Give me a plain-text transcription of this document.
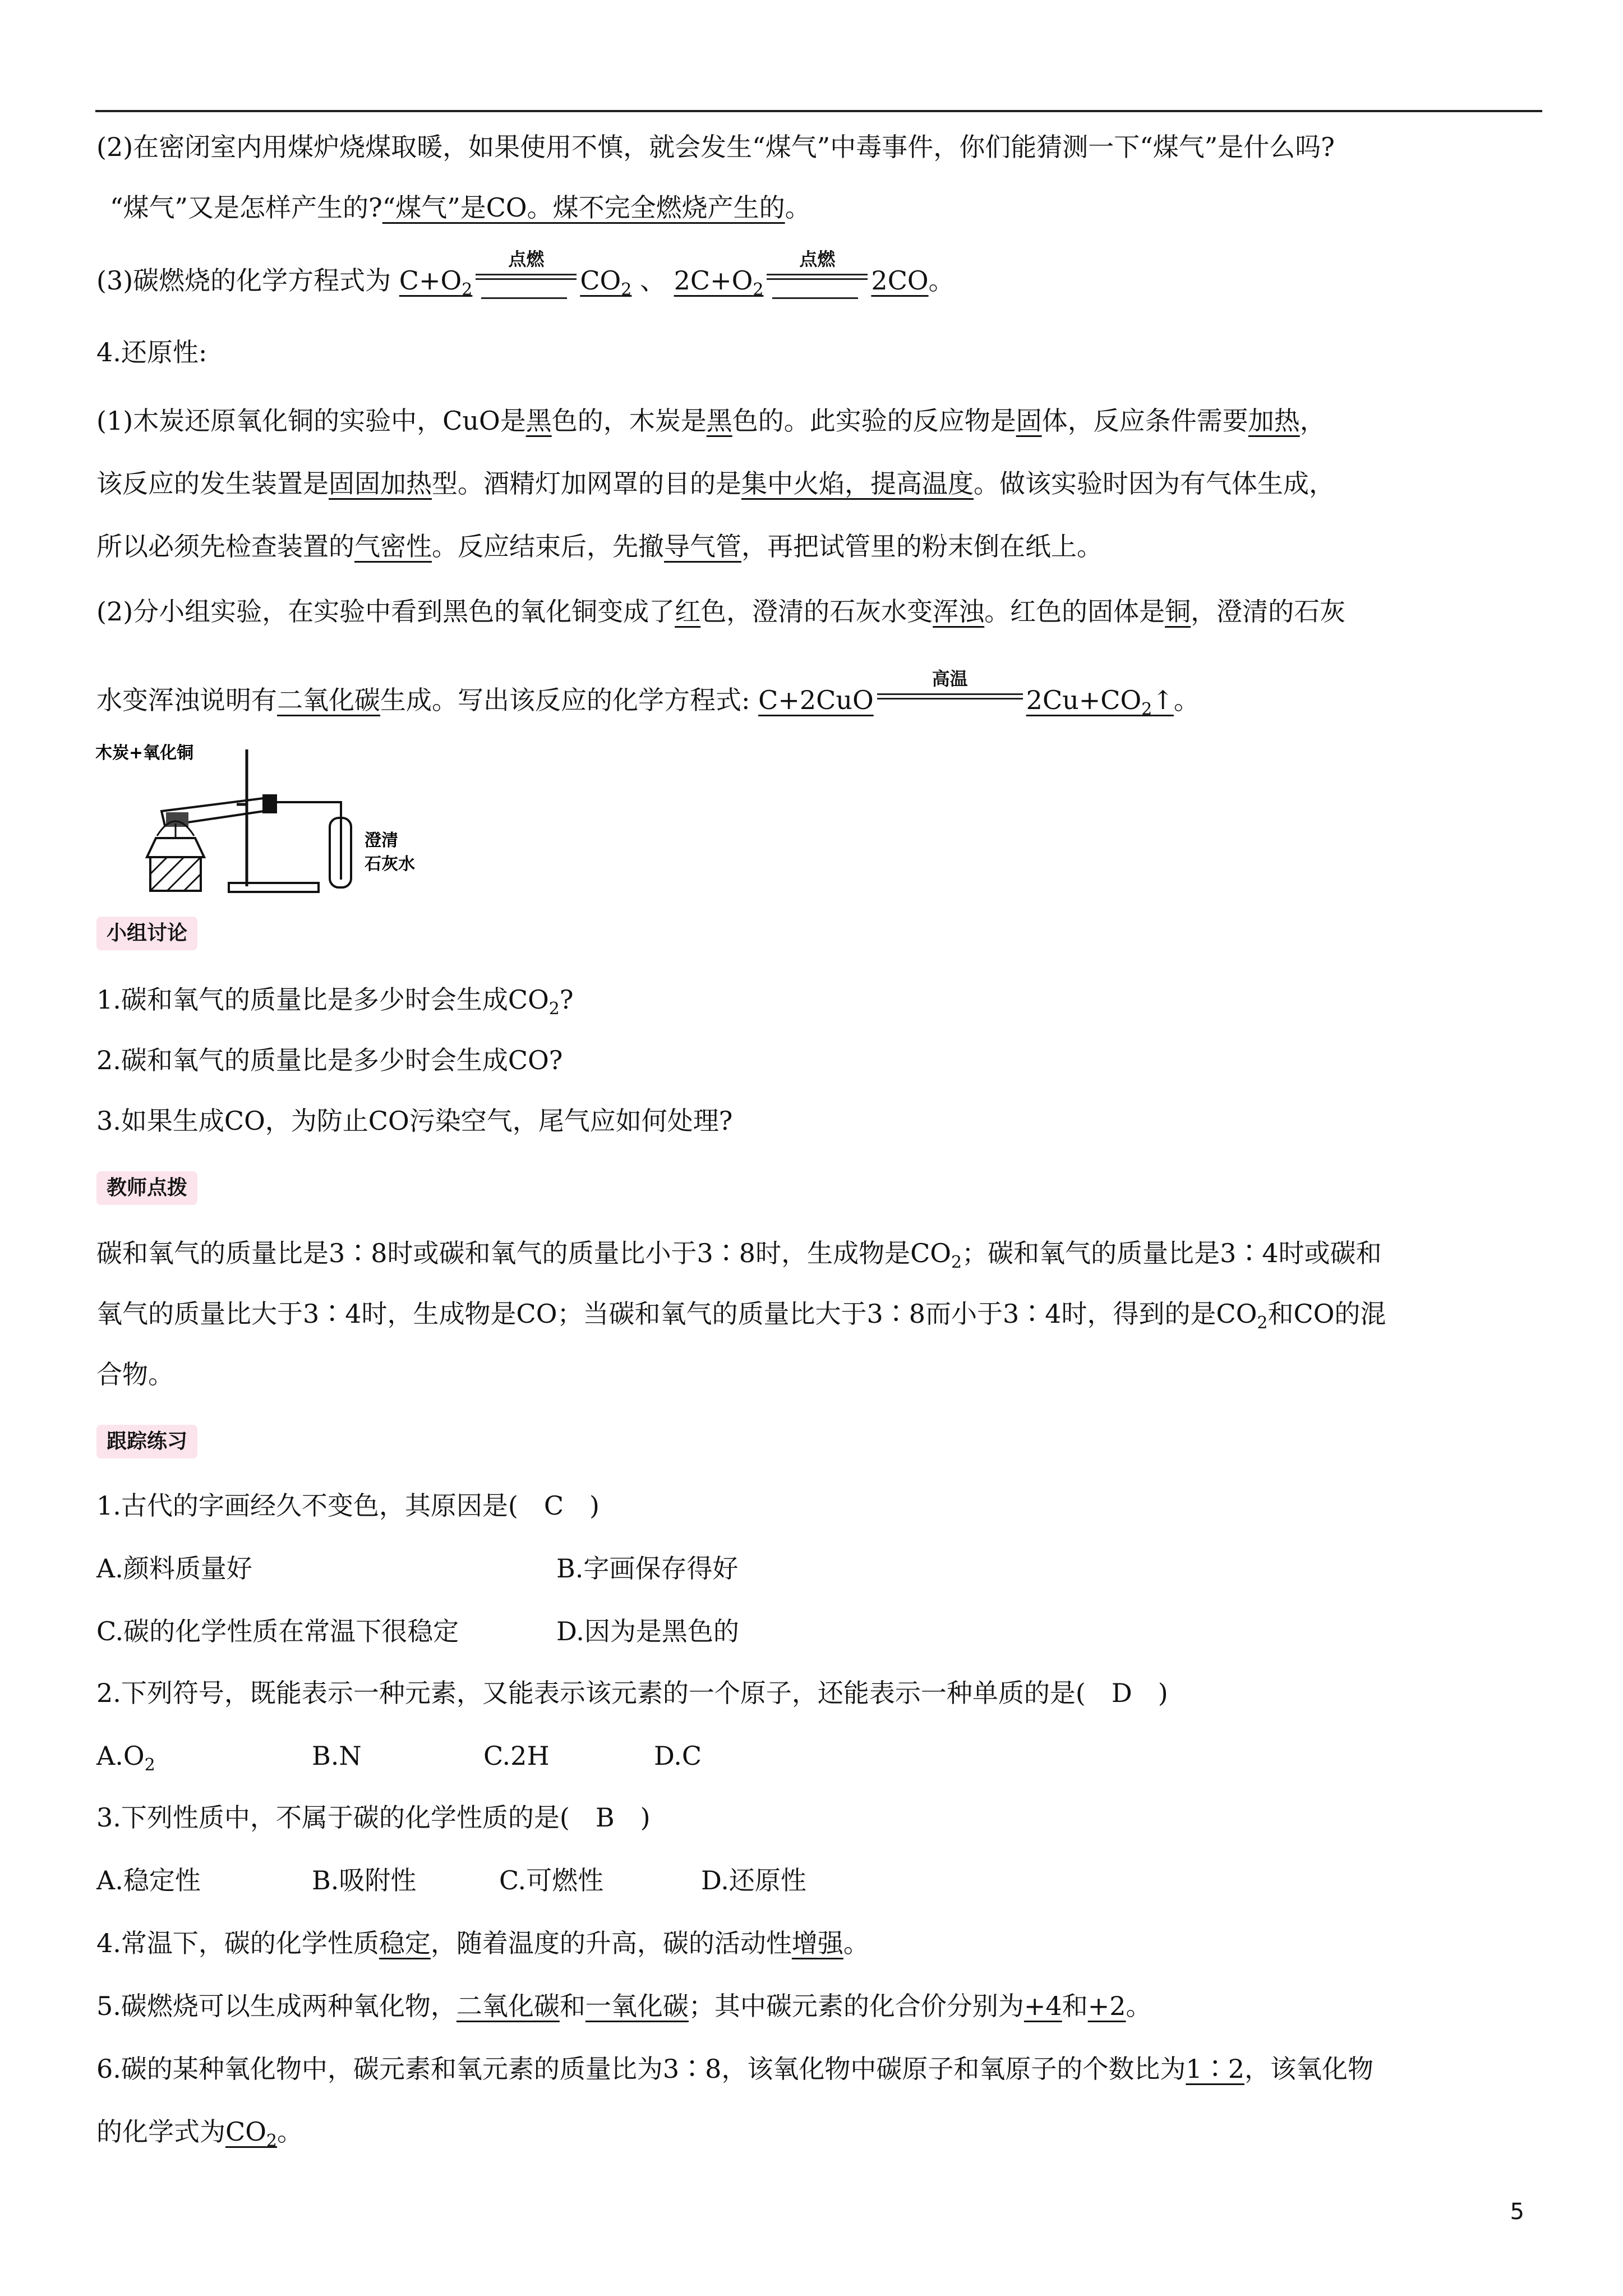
(2)在密闭室内用煤炉烧煤取暖，如果使用不慎，就会发生“煤气”中毒事件，你们能猜测一下“煤气”是什么吗?
“煤气”又是怎样产生的?“煤气”是CO。煤不完全燃烧产生的。
(3)碳燃烧的化学方程式为 $C+O_2$
点燃
$CO_2$ 、 $2C+O_2$
点燃
2CO。
4.还原性:
(1)木炭还原氧化铜的实验中，CuO是黑色的，木炭是黑色的。此实验的反应物是固体，反应条件需要加热，
该反应的发生装置是固固加热型。酒精灯加网罩的目的是集中火焰，提高温度。做该实验时因为有气体生成，
所以必须先检查装置的气密性。反应结束后，先撤导气管，再把试管里的粉末倒在纸上。
(2)分小组实验，在实验中看到黑色的氧化铜变成了红色，澄清的石灰水变浑浊。红色的固体是铜，澄清的石灰
水变浑浊说明有二氧化碳生成。写出该反应的化学方程式: C+2CuO
高温
$2Cu+CO_2↑$。
木炭+氧化铜
澄清
石灰水
小组讨论
1.碳和氧气的质量比是多少时会生成$CO_2$?
2.碳和氧气的质量比是多少时会生成CO?
3.如果生成CO，为防止CO污染空气，尾气应如何处理?
教师点拨
碳和氧气的质量比是3∶8时或碳和氧气的质量比小于3∶8时，生成物是$CO_2$；碳和氧气的质量比是3∶4时或碳和
氧气的质量比大于3∶4时，生成物是CO；当碳和氧气的质量比大于3∶8而小于3∶4时，得到的是$CO_2$和CO的混
合物。
跟踪练习
1.古代的字画经久不变色，其原因是(　C　)
A.颜料质量好	B.字画保存得好
C.碳的化学性质在常温下很稳定	D.因为是黑色的
2.下列符号，既能表示一种元素，又能表示该元素的一个原子，还能表示一种单质的是(　D　)
$A.O_2$	B.N	C.2H	D.C
3.下列性质中，不属于碳的化学性质的是(　B　)
A.稳定性	B.吸附性	C.可燃性	D.还原性
4.常温下，碳的化学性质稳定，随着温度的升高，碳的活动性增强。
5.碳燃烧可以生成两种氧化物，二氧化碳和一氧化碳；其中碳元素的化合价分别为+4和+2。
6.碳的某种氧化物中，碳元素和氧元素的质量比为3∶8，该氧化物中碳原子和氧原子的个数比为1∶2，该氧化物
的化学式为$CO_2$。
5
